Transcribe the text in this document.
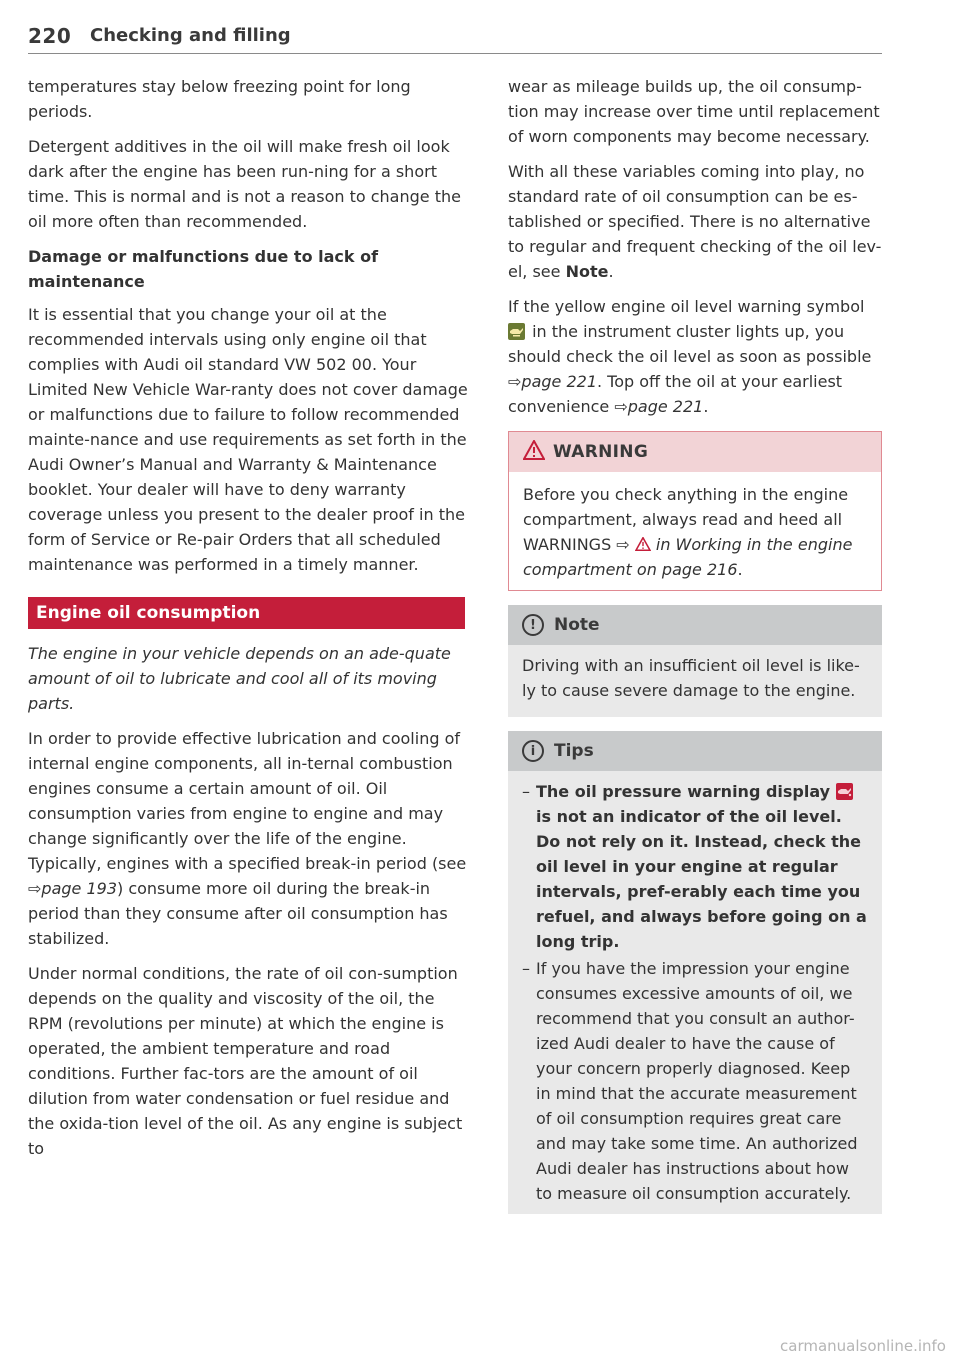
220 Checking and filling

temperatures stay below freezing point for long periods.

Detergent additives in the oil will make fresh oil look dark after the engine has been run-ning for a short time. This is normal and is not a reason to change the oil more often than recommended.

Damage or malfunctions due to lack of maintenance

It is essential that you change your oil at the recommended intervals using only engine oil that complies with Audi oil standard VW 502 00. Your Limited New Vehicle War-ranty does not cover damage or malfunctions due to failure to follow recommended mainte-nance and use requirements as set forth in the Audi Owner’s Manual and Warranty & Maintenance booklet. Your dealer will have to deny warranty coverage unless you present to the dealer proof in the form of Service or Re-pair Orders that all scheduled maintenance was performed in a timely manner.

Engine oil consumption

The engine in your vehicle depends on an ade-quate amount of oil to lubricate and cool all of its moving parts.

In order to provide effective lubrication and cooling of internal engine components, all in-ternal combustion engines consume a certain amount of oil. Oil consumption varies from engine to engine and may change significantly over the life of the engine. Typically, engines with a specified break-in period (see ⇨page 193) consume more oil during the break-in period than they consume after oil consumption has stabilized.

Under normal conditions, the rate of oil con-sumption depends on the quality and viscosity of the oil, the RPM (revolutions per minute) at which the engine is operated, the ambient temperature and road conditions. Further fac-tors are the amount of oil dilution from water condensation or fuel residue and the oxida-tion level of the oil. As any engine is subject to

wear as mileage builds up, the oil consump-tion may increase over time until replacement of worn components may become necessary.

With all these variables coming into play, no standard rate of oil consumption can be es-tablished or specified. There is no alternative to regular and frequent checking of the oil lev-el, see Note.

If the yellow engine oil level warning symbol
in the instrument cluster lights up, you should check the oil level as soon as possible ⇨page 221. Top off the oil at your earliest convenience ⇨page 221.

WARNING

Before you check anything in the engine compartment, always read and heed all WARNINGS ⇨  in Working in the engine compartment on page 216.

!	Note

Driving with an insufficient oil level is like-ly to cause severe damage to the engine.

i	Tips
– The oil pressure warning display
is not an indicator of the oil level. Do not rely on it. Instead, check the oil level in your engine at regular intervals, pref-erably each time you refuel, and always before going on a long trip.
– If you have the impression your engine consumes excessive amounts of oil, we recommend that you consult an author-ized Audi dealer to have the cause of your concern properly diagnosed. Keep in mind that the accurate measurement of oil consumption requires great care and may take some time. An authorized Audi dealer has instructions about how to measure oil consumption accurately.
carmanualsonline.info
